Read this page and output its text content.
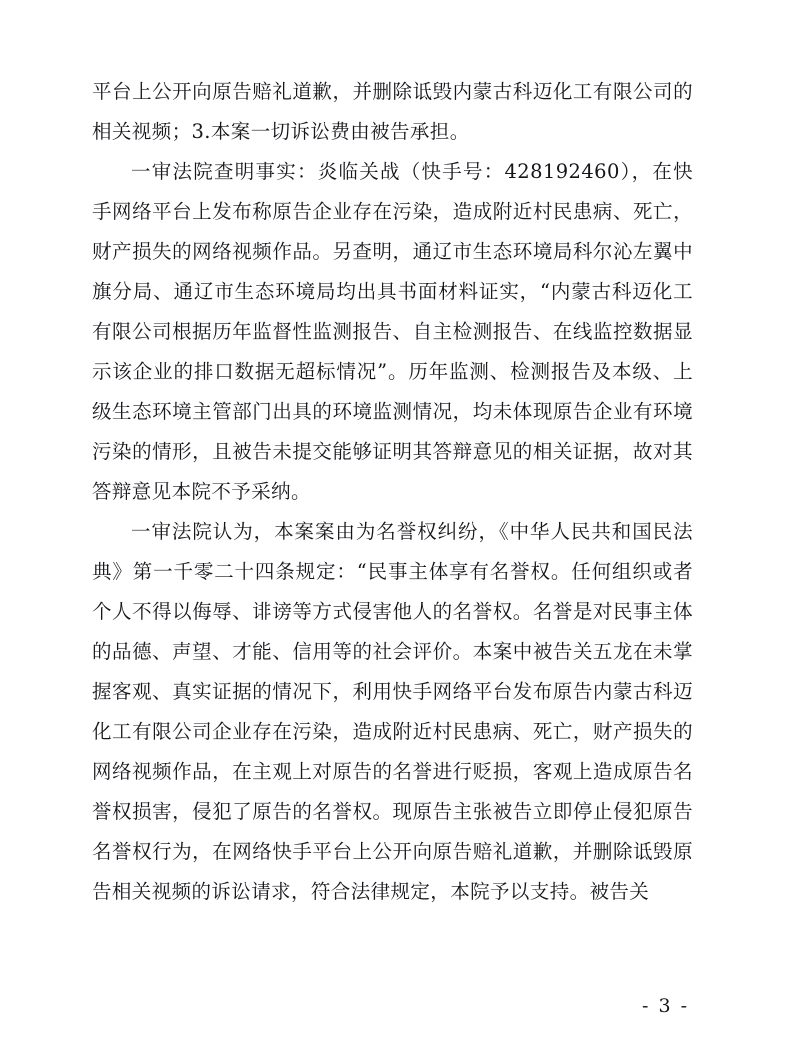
平台上公开向原告赔礼道歉，并删除诋毁内蒙古科迈化工有限公司的相关视频；3.本案一切诉讼费由被告承担。

一审法院查明事实：炎临关战（快手号：428192460），在快手网络平台上发布称原告企业存在污染，造成附近村民患病、死亡，财产损失的网络视频作品。另查明，通辽市生态环境局科尔沁左翼中旗分局、通辽市生态环境局均出具书面材料证实，“内蒙古科迈化工有限公司根据历年监督性监测报告、自主检测报告、在线监控数据显示该企业的排口数据无超标情况”。历年监测、检测报告及本级、上级生态环境主管部门出具的环境监测情况，均未体现原告企业有环境污染的情形，且被告未提交能够证明其答辩意见的相关证据，故对其答辩意见本院不予采纳。

一审法院认为，本案案由为名誉权纠纷，《中华人民共和国民法典》第一千零二十四条规定：“民事主体享有名誉权。任何组织或者个人不得以侮辱、诽谤等方式侵害他人的名誉权。名誉是对民事主体的品德、声望、才能、信用等的社会评价。本案中被告关五龙在未掌握客观、真实证据的情况下，利用快手网络平台发布原告内蒙古科迈化工有限公司企业存在污染，造成附近村民患病、死亡，财产损失的网络视频作品，在主观上对原告的名誉进行贬损，客观上造成原告名誉权损害，侵犯了原告的名誉权。现原告主张被告立即停止侵犯原告名誉权行为，在网络快手平台上公开向原告赔礼道歉，并删除诋毁原告相关视频的诉讼请求，符合法律规定，本院予以支持。被告关

- 3 -
